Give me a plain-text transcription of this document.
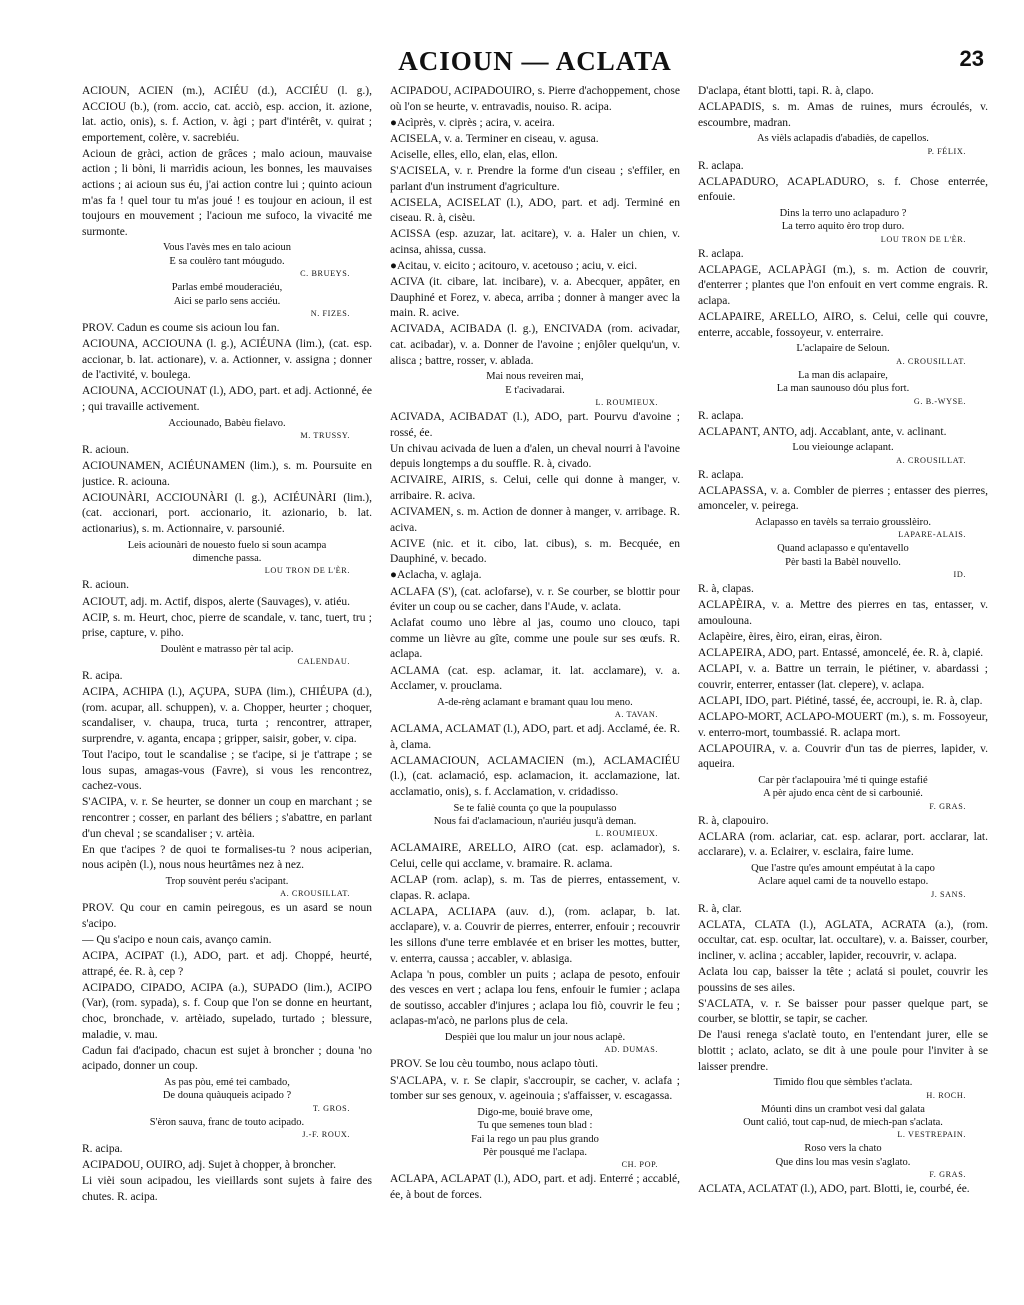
ACIOUN — ACLATA	23
ACIOUN, ACIEN (m.), ACIÉU (d.), ACCIÉU (l. g.), ACCIOU (b.), (rom. accio, cat. acciò, esp. accion, it. azione, lat. actio, onis), s. f. Action, v. àgi ; part d'intérêt, v. quirat ; emportement, colère, v. sacrebiéu.
Acioun de gràci, action de grâces ; malo acioun, mauvaise action ; li bòni, li marrìdis acioun, les bonnes, les mauvaises actions ; ai acioun sus éu, j'ai action contre lui ; quinto acioun m'as fa ! quel tour tu m'as joué ! es toujour en acioun, il est toujours en mouvement ; l'acioun me sufoco, la vivacité me surmonte.
Vous l'avès mes en talo acioun
E sa coulèro tant móugudo.
C. BRUEYS.
Parlas embé mouderaciéu,
Aici se parlo sens acciéu.
N. FIZES.
PROV. Cadun es coume sis acioun lou fan.
ACIOUNA, ACCIOUNA (l. g.), ACIÉUNA (lim.), (cat. esp. accionar, b. lat. actionare), v. a. Actionner, v. assigna ; donner de l'activité, v. boulega.
ACIOUNA, ACCIOUNAT (l.), ADO, part. et adj. Actionné, ée ; qui travaille activement.
Acciounado, Babèu fielavo.
M. TRUSSY.
R. acioun.
ACIOUNAMEN, ACIÉUNAMEN (lim.), s. m. Poursuite en justice. R. aciouna.
ACIOUNÀRI, ACCIOUNÀRI (l. g.), ACIÉUNÀRI (lim.), (cat. accionari, port. accionario, it. azionario, b. lat. actionarius), s. m. Actionnaire, v. parsounié.
Leis aciounàri de nouesto fuelo si soun acampa
dimenche passa.
LOU TRON DE L'ÈR.
R. acioun.
ACIOUT, adj. m. Actif, dispos, alerte (Sauvages), v. atiéu.
ACIP, s. m. Heurt, choc, pierre de scandale, v. tanc, tuert, tru ; prise, capture, v. piho.
Doulènt e matrasso pèr tal acip.
CALENDAU.
R. acipa.
ACIPA, ACHIPA (l.), AÇUPA, SUPA (lim.), CHIÉUPA (d.), (rom. acupar, all. schuppen), v. a. Chopper, heurter ; choquer, scandaliser, v. chaupa, truca, turta ; rencontrer, attraper, surprendre, v. aganta, encapa ; gripper, saisir, gober, v. cipa.
Tout l'acipo, tout le scandalise ; se t'acipe, si je t'attrape ; se lous supas, amagas-vous (Favre), si vous les rencontrez, cachez-vous.
S'ACIPA, v. r. Se heurter, se donner un coup en marchant ; se rencontrer ; cosser, en parlant des béliers ; s'abattre, en parlant d'un cheval ; se scandaliser ; v. artèia.
En que t'acipes ? de quoi te formalises-tu ? nous aciperian, nous acipèn (l.), nous nous heurtâmes nez à nez.
Trop souvènt peréu s'acipant.
A. CROUSILLAT.
PROV. Qu cour en camin peiregous, es un asard se noun s'acipo.
— Qu s'acipo e noun cais, avanço camin.
ACIPA, ACIPAT (l.), ADO, part. et adj. Choppé, heurté, attrapé, ée. R. à, cep ?
ACIPADO, CIPADO, ACIPA (a.), SUPADO (lim.), ACIPO (Var), (rom. sypada), s. f. Coup que l'on se donne en heurtant, choc, bronchade, v. artèiado, supelado, turtado ; blessure, maladie, v. mau.
Cadun fai d'acipado, chacun est sujet à broncher ; douna 'no acipado, donner un coup.
As pas pòu, emé tei cambado,
De douna quàuqueis acipado ?
T. GROS.
S'èron sauva, franc de touto acipado.
J.-F. ROUX.
R. acipa.
ACIPADOU, OUIRO, adj. Sujet à chopper, à broncher.
Li vièi soun acipadou, les vieillards sont sujets à faire des chutes. R. acipa.
ACIPADOU, ACIPADOUIRO, s. Pierre d'achoppement, chose où l'on se heurte, v. entravadis, nouiso. R. acipa.
●Acìprès, v. ciprès ; acira, v. aceira.
ACISELA, v. a. Terminer en ciseau, v. agusa.
Aciselle, elles, ello, elan, elas, ellon.
S'ACISELA, v. r. Prendre la forme d'un ciseau ; s'effiler, en parlant d'un instrument d'agriculture.
ACISELA, ACISELAT (l.), ADO, part. et adj. Terminé en ciseau. R. à, cisèu.
ACISSA (esp. azuzar, lat. acitare), v. a. Haler un chien, v. acinsa, ahissa, cussa.
●Acitau, v. eicito ; acitouro, v. acetouso ; aciu, v. eici.
ACIVA (it. cibare, lat. incibare), v. a. Abecquer, appâter, en Dauphiné et Forez, v. abeca, arriba ; donner à manger avec la main. R. acive.
ACIVADA, ACIBADA (l. g.), ENCIVADA (rom. acivadar, cat. acibadar), v. a. Donner de l'avoine ; enjôler quelqu'un, v. alisca ; battre, rosser, v. ablada.
Mai nous reveiren mai,
E t'acivadarai.
L. ROUMIEUX.
ACIVADA, ACIBADAT (l.), ADO, part. Pourvu d'avoine ; rossé, ée.
Un chivau acivada de luen a d'alen, un cheval nourri à l'avoine depuis longtemps a du souffle. R. à, civado.
ACIVAIRE, AIRIS, s. Celui, celle qui donne à manger, v. arribaire. R. aciva.
ACIVAMEN, s. m. Action de donner à manger, v. arribage. R. aciva.
ACIVE (nic. et it. cibo, lat. cibus), s. m. Becquée, en Dauphiné, v. becado.
●Aclacha, v. aglaja.
ACLAFA (S'), (cat. aclofarse), v. r. Se courber, se blottir pour éviter un coup ou se cacher, dans l'Aude, v. aclata.
Aclafat coumo uno lèbre al jas, coumo uno clouco, tapi comme un lièvre au gîte, comme une poule sur ses œufs. R. aclapa.
ACLAMA (cat. esp. aclamar, it. lat. acclamare), v. a. Acclamer, v. prouclama.
A-de-rèng aclamant e bramant quau lou meno.
A. TAVAN.
ACLAMA, ACLAMAT (l.), ADO, part. et adj. Acclamé, ée. R. à, clama.
ACLAMACIOUN, ACLAMACIEN (m.), ACLAMACIÉU (l.), (cat. aclamació, esp. aclamacion, it. acclamazione, lat. acclamatio, onis), s. f. Acclamation, v. cridadisso.
Se te faliè counta ço que la poupulasso
Nous fai d'aclamacioun, n'auriéu jusqu'à deman.
L. ROUMIEUX.
ACLAMAIRE, ARELLO, AIRO (cat. esp. aclamador), s. Celui, celle qui acclame, v. bramaire. R. aclama.
ACLAP (rom. aclap), s. m. Tas de pierres, entassement, v. clapas. R. aclapa.
ACLAPA, ACLIAPA (auv. d.), (rom. aclapar, b. lat. acclapare), v. a. Couvrir de pierres, enterrer, enfouir ; recouvrir les sillons d'une terre emblavée et en briser les mottes, butter, v. enterra, caussa ; accabler, v. ablasiga.
Aclapa 'n pous, combler un puits ; aclapa de pesoto, enfouir des vesces en vert ; aclapa lou fens, enfouir le fumier ; aclapa de soutisso, accabler d'injures ; aclapa lou fiò, couvrir le feu ; aclapas-m'acò, ne parlons plus de cela.
Despièi que lou malur un jour nous aclapè.
AD. DUMAS.
PROV. Se lou cèu toumbo, nous aclapo tòuti.
S'ACLAPA, v. r. Se clapir, s'accroupir, se cacher, v. aclafa ; tomber sur ses genoux, v. ageinouia ; s'affaisser, v. escagassa.
Digo-me, bouié brave ome,
Tu que semenes toun blad :
Fai la rego un pau plus grando
Pèr pousqué me l'aclapa.
CH. POP.
ACLAPA, ACLAPAT (l.), ADO, part. et adj. Enterré ; accablé, ée, à bout de forces.
D'aclapa, étant blotti, tapi. R. à, clapo.
ACLAPADIS, s. m. Amas de ruines, murs écroulés, v. escoumbre, madran.
As vièls aclapadis d'abadiès, de capellos.
P. FÉLIX.
R. aclapa.
ACLAPADURO, ACAPLADURO, s. f. Chose enterrée, enfouie.
Dins la terro uno aclapaduro ?
La terro aquito èro trop duro.
LOU TRON DE L'ÈR.
R. aclapa.
ACLAPAGE, ACLAPÀGI (m.), s. m. Action de couvrir, d'enterrer ; plantes que l'on enfouit en vert comme engrais. R. aclapa.
ACLAPAIRE, ARELLO, AIRO, s. Celui, celle qui couvre, enterre, accable, fossoyeur, v. enterraire.
L'aclapaire de Seloun.
A. CROUSILLAT.
La man dis aclapaire,
La man saunouso dóu plus fort.
G. B.-WYSE.
R. aclapa.
ACLAPANT, ANTO, adj. Accablant, ante, v. aclinant.
Lou vieiounge aclapant.
A. CROUSILLAT.
R. aclapa.
ACLAPASSA, v. a. Combler de pierres ; entasser des pierres, amonceler, v. peirega.
Aclapasso en tavèls sa terraio grousslèiro.
LAPARE-ALAIS.
Quand aclapasso e qu'entavello
Pèr basti la Babèl nouvello.
ID.
R. à, clapas.
ACLAPÈIRA, v. a. Mettre des pierres en tas, entasser, v. amoulouna.
Aclapèire, èires, èiro, eiran, eiras, èiron.
ACLAPEIRA, ADO, part. Entassé, amoncelé, ée. R. à, clapié.
ACLAPI, v. a. Battre un terrain, le piétiner, v. abardassi ; couvrir, enterrer, entasser (lat. clepere), v. aclapa.
ACLAPI, IDO, part. Piétiné, tassé, ée, accroupi, ie. R. à, clap.
ACLAPO-MORT, ACLAPO-MOUERT (m.), s. m. Fossoyeur, v. enterro-mort, toumbassié. R. aclapa mort.
ACLAPOUIRA, v. a. Couvrir d'un tas de pierres, lapider, v. aqueira.
Car pèr t'aclapouira 'mé ti quinge estafié
A pèr ajudo enca cènt de si carbounié.
F. GRAS.
R. à, clapouiro.
ACLARA (rom. aclariar, cat. esp. aclarar, port. acclarar, lat. acclarare), v. a. Eclairer, v. esclaira, faire lume.
Que l'astre qu'es amount empéutat à la capo
Aclare aquel cami de ta nouvello estapo.
J. SANS.
R. à, clar.
ACLATA, CLATA (l.), AGLATA, ACRATA (a.), (rom. occultar, cat. esp. ocultar, lat. occultare), v. a. Baisser, courber, incliner, v. aclina ; accabler, lapider, recouvrir, v. aclapa.
Aclata lou cap, baisser la tête ; aclatá si poulet, couvrir les poussins de ses ailes.
S'ACLATA, v. r. Se baisser pour passer quelque part, se courber, se blottir, se tapir, se cacher.
De l'ausi renega s'aclatè touto, en l'entendant jurer, elle se blottit ; aclato, aclato, se dit à une poule pour l'inviter à se laisser prendre.
Timido flou que sèmbles t'aclata.
H. ROCH.
Móunti dins un crambot vesi dal galata
Ount calió, tout cap-nud, de miech-pan s'aclata.
L. VESTREPAIN.
Roso vers la chato
Que dins lou mas vesin s'aglato.
F. GRAS.
ACLATA, ACLATAT (l.), ADO, part. Blotti, ie, courbé, ée.
